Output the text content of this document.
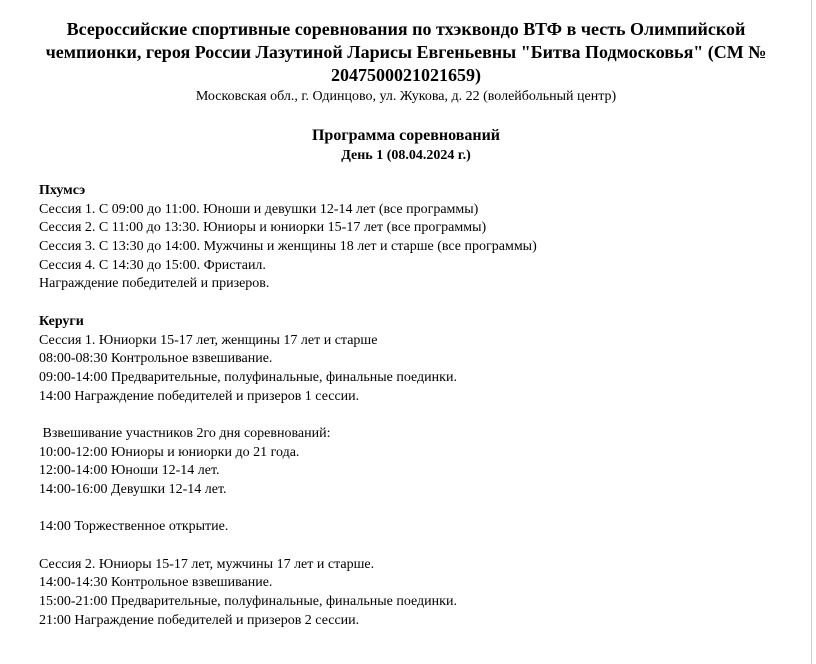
Всероссийские спортивные соревнования по тхэквондо ВТФ в честь Олимпийской
чемпионки, героя России Лазутиной Ларисы Евгеньевны "Битва Подмосковья" (СМ №
2047500021021659)
Московская обл., г. Одинцово, ул. Жукова, д. 22 (волейбольный центр)
Программа соревнований
День 1 (08.04.2024 г.)
Пхумсэ
Сессия 1. С 09:00 до 11:00. Юноши и девушки 12-14 лет (все программы)
Сессия 2. С 11:00 до 13:30. Юниоры и юниорки 15-17 лет (все программы)
Сессия 3. С 13:30 до 14:00. Мужчины и женщины 18 лет и старше (все программы)
Сессия 4. С 14:30 до 15:00. Фристаил.
Награждение победителей и призеров.
Керуги
Сессия 1. Юниорки 15-17 лет, женщины 17 лет и старше
08:00-08:30 Контрольное взвешивание.
09:00-14:00 Предварительные, полуфинальные, финальные поединки.
14:00 Награждение победителей и призеров 1 сессии.
Взвешивание участников 2го дня соревнований:
10:00-12:00 Юниоры и юниорки до 21 года.
12:00-14:00 Юноши 12-14 лет.
14:00-16:00 Девушки 12-14 лет.
14:00 Торжественное открытие.
Сессия 2. Юниоры 15-17 лет, мужчины 17 лет и старше.
14:00-14:30 Контрольное взвешивание.
15:00-21:00 Предварительные, полуфинальные, финальные поединки.
21:00 Награждение победителей и призеров 2 сессии.
